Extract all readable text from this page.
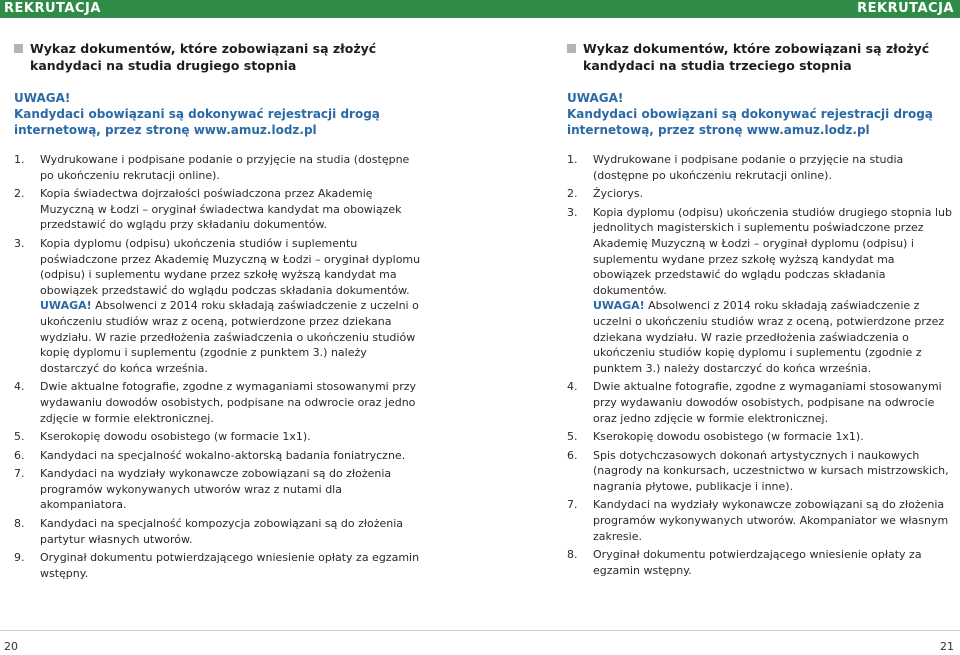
REKRUTACJA	REKRUTACJA

Wykaz dokumentów, które zobowiązani są złożyć kandydaci na studia drugiego stopnia

UWAGA!
Kandydaci obowiązani są dokonywać rejestracji drogą internetową, przez stronę www.amuz.lodz.pl
1. Wydrukowane i podpisane podanie o przyjęcie na studia (dostępne po ukończeniu rekrutacji online).
2. Kopia świadectwa dojrzałości poświadczona przez Akademię Muzyczną w Łodzi – oryginał świadectwa kandydat ma obowiązek przedstawić do wglądu przy składaniu dokumentów.
3. Kopia dyplomu (odpisu) ukończenia studiów i suplementu poświadczone przez Akademię Muzyczną w Łodzi – oryginał dyplomu (odpisu) i suplementu wydane przez szkołę wyższą kandydat ma obowiązek przedstawić do wglądu podczas składania dokumentów.
UWAGA! Absolwenci z 2014 roku składają zaświadczenie z uczelni o ukończeniu studiów wraz z oceną, potwierdzone przez dziekana wydziału. W razie przedłożenia zaświadczenia o ukończeniu studiów kopię dyplomu i suplementu (zgodnie z punktem 3.) należy dostarczyć do końca września.
4. Dwie aktualne fotografie, zgodne z wymaganiami stosowanymi przy wydawaniu dowodów osobistych, podpisane na odwrocie oraz jedno zdjęcie w formie elektronicznej.
5. Kserokopię dowodu osobistego (w formacie 1x1).
6. Kandydaci na specjalność wokalno-aktorską badania foniatryczne.
7. Kandydaci na wydziały wykonawcze zobowiązani są do złożenia programów wykonywanych utworów wraz z nutami dla akompaniatora.
8. Kandydaci na specjalność kompozycja zobowiązani są do złożenia partytur własnych utworów.
9. Oryginał dokumentu potwierdzającego wniesienie opłaty za egzamin wstępny.

Wykaz dokumentów, które zobowiązani są złożyć kandydaci na studia trzeciego stopnia

UWAGA!
Kandydaci obowiązani są dokonywać rejestracji drogą internetową, przez stronę www.amuz.lodz.pl
1. Wydrukowane i podpisane podanie o przyjęcie na studia (dostępne po ukończeniu rekrutacji online).
2. Życiorys.
3. Kopia dyplomu (odpisu) ukończenia studiów drugiego stopnia lub jednolitych magisterskich i suplementu poświadczone przez Akademię Muzyczną w Łodzi – oryginał dyplomu (odpisu) i suplementu wydane przez szkołę wyższą kandydat ma obowiązek przedstawić do wglądu podczas składania dokumentów.
UWAGA! Absolwenci z 2014 roku składają zaświadczenie z uczelni o ukończeniu studiów wraz z oceną, potwierdzone przez dziekana wydziału. W razie przedłożenia zaświadczenia o ukończeniu studiów kopię dyplomu i suplementu (zgodnie z punktem 3.) należy dostarczyć do końca września.
4. Dwie aktualne fotografie, zgodne z wymaganiami stosowanymi przy wydawaniu dowodów osobistych, podpisane na odwrocie oraz jedno zdjęcie w formie elektronicznej.
5. Kserokopię dowodu osobistego (w formacie 1x1).
6. Spis dotychczasowych dokonań artystycznych i naukowych (nagrody na konkursach, uczestnictwo w kursach mistrzowskich, nagrania płytowe, publikacje i inne).
7. Kandydaci na wydziały wykonawcze zobowiązani są do złożenia programów wykonywanych utworów. Akompaniator we własnym zakresie.
8. Oryginał dokumentu potwierdzającego wniesienie opłaty za egzamin wstępny.
20	21
